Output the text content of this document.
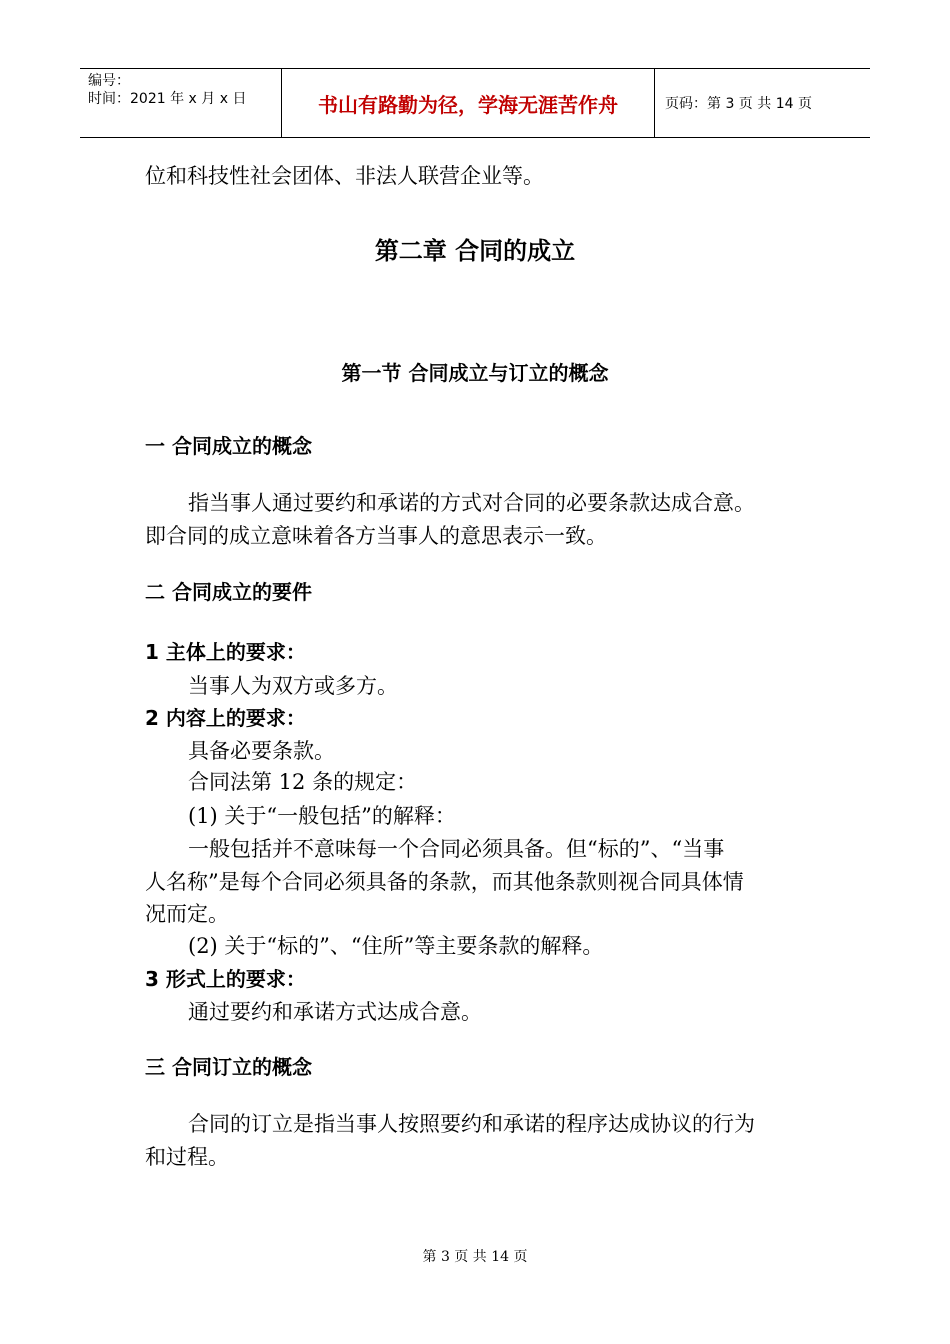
编号：
时间：2021 年 x 月 x 日	书山有路勤为径，学海无涯苦作舟	页码：第 3 页 共 14 页
位和科技性社会团体、非法人联营企业等。
第二章 合同的成立
第一节 合同成立与订立的概念
一 合同成立的概念
指当事人通过要约和承诺的方式对合同的必要条款达成合意。
即合同的成立意味着各方当事人的意思表示一致。
二 合同成立的要件
1 主体上的要求：
当事人为双方或多方。
2 内容上的要求：
具备必要条款。
合同法第 12 条的规定：
(1) 关于“一般包括”的解释：
一般包括并不意味每一个合同必须具备。但“标的”、“当事
人名称”是每个合同必须具备的条款，而其他条款则视合同具体情
况而定。
(2) 关于“标的”、“住所”等主要条款的解释。
3 形式上的要求：
通过要约和承诺方式达成合意。
三 合同订立的概念
合同的订立是指当事人按照要约和承诺的程序达成协议的行为
和过程。
第 3 页 共 14 页
